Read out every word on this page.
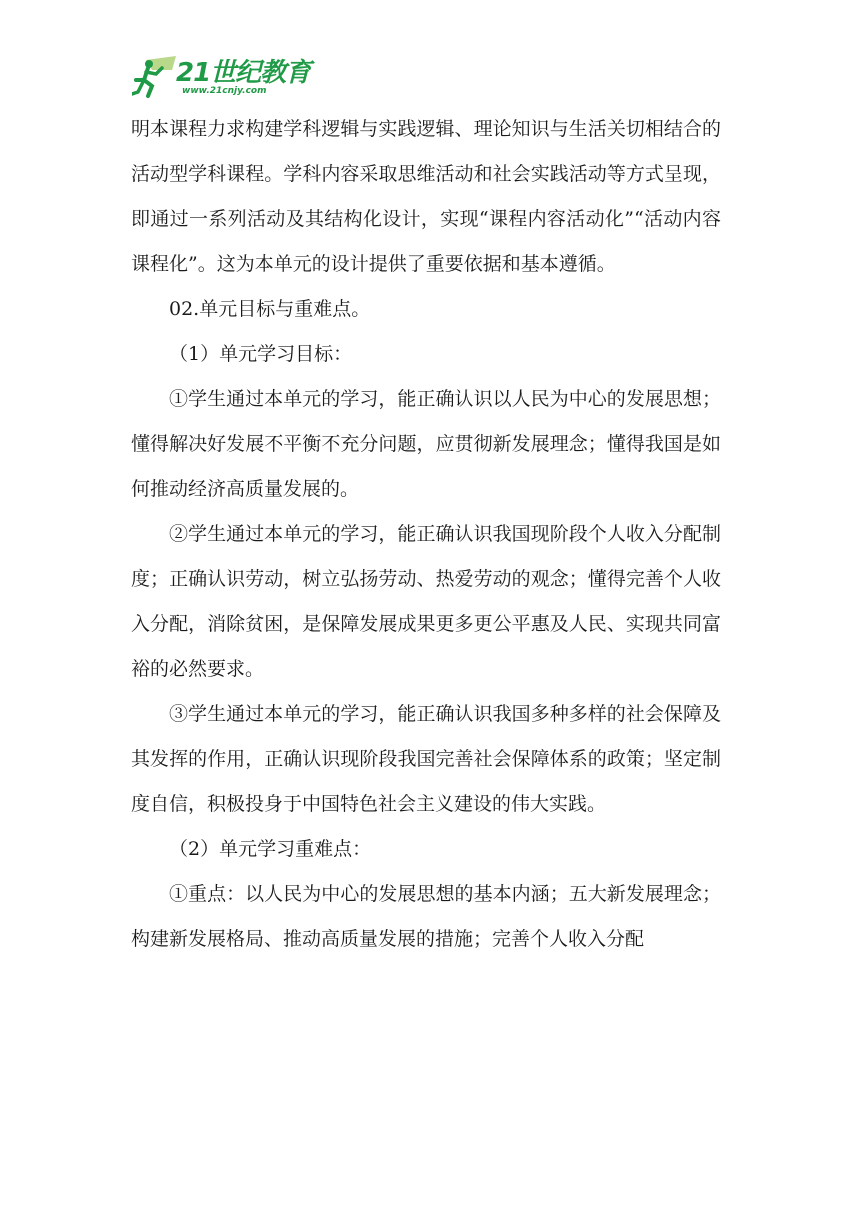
21世纪教育
www.21cnjy.com

明本课程力求构建学科逻辑与实践逻辑、理论知识与生活关切相结合的活动型学科课程。学科内容采取思维活动和社会实践活动等方式呈现，即通过一系列活动及其结构化设计，实现“课程内容活动化”“活动内容课程化”。这为本单元的设计提供了重要依据和基本遵循。

02.单元目标与重难点。

（1）单元学习目标：

①学生通过本单元的学习，能正确认识以人民为中心的发展思想；懂得解决好发展不平衡不充分问题，应贯彻新发展理念；懂得我国是如何推动经济高质量发展的。

②学生通过本单元的学习，能正确认识我国现阶段个人收入分配制度；正确认识劳动，树立弘扬劳动、热爱劳动的观念；懂得完善个人收入分配，消除贫困，是保障发展成果更多更公平惠及人民、实现共同富裕的必然要求。

③学生通过本单元的学习，能正确认识我国多种多样的社会保障及其发挥的作用，正确认识现阶段我国完善社会保障体系的政策；坚定制度自信，积极投身于中国特色社会主义建设的伟大实践。

（2）单元学习重难点：

①重点：以人民为中心的发展思想的基本内涵；五大新发展理念；构建新发展格局、推动高质量发展的措施；完善个人收入分配
